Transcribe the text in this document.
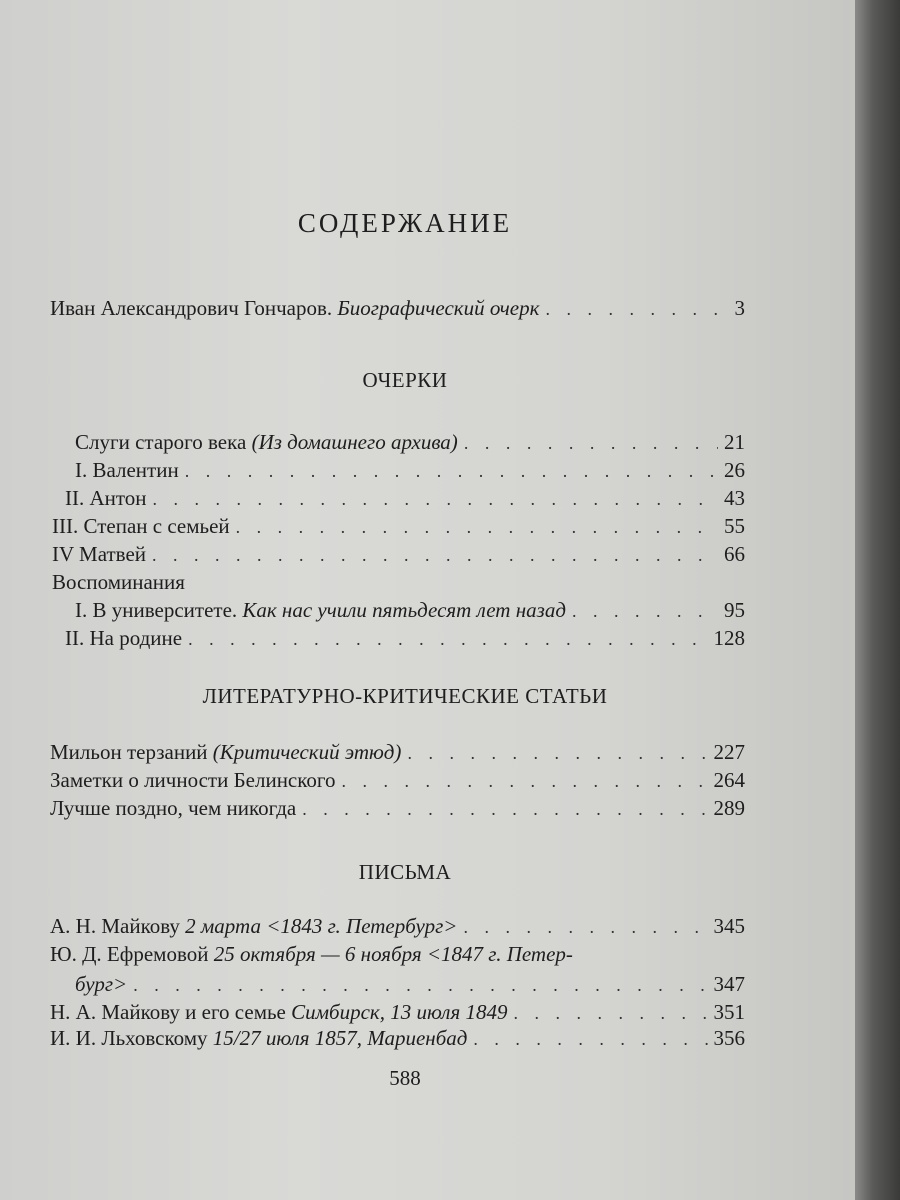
СОДЕРЖАНИЕ
Иван Александрович Гончаров. Биографический очерк . . .	3
ОЧЕРКИ
Слуги старого века (Из домашнего архива) . . .	21
I. Валентин . . .	26
II. Антон . . .	43
III. Степан с семьей . . .	55
IV Матвей . . .	66
Воспоминания
I. В университете. Как нас учили пятьдесят лет назад . . .	95
II. На родине . . .	128
ЛИТЕРАТУРНО-КРИТИЧЕСКИЕ СТАТЬИ
Мильон терзаний (Критический этюд) . . .	227
Заметки о личности Белинского . . .	264
Лучше поздно, чем никогда . . .	289
ПИСЬМА
А. Н. Майкову 2 марта <1843 г. Петербург> . . .	345
Ю. Д. Ефремовой 25 октября — 6 ноября <1847 г. Петер-
бург> . . .	347
Н. А. Майкову и его семье Симбирск, 13 июля 1849 . . .	351
И. И. Льховскому 15/27 июля 1857, Мариенбад . . .	356
588
